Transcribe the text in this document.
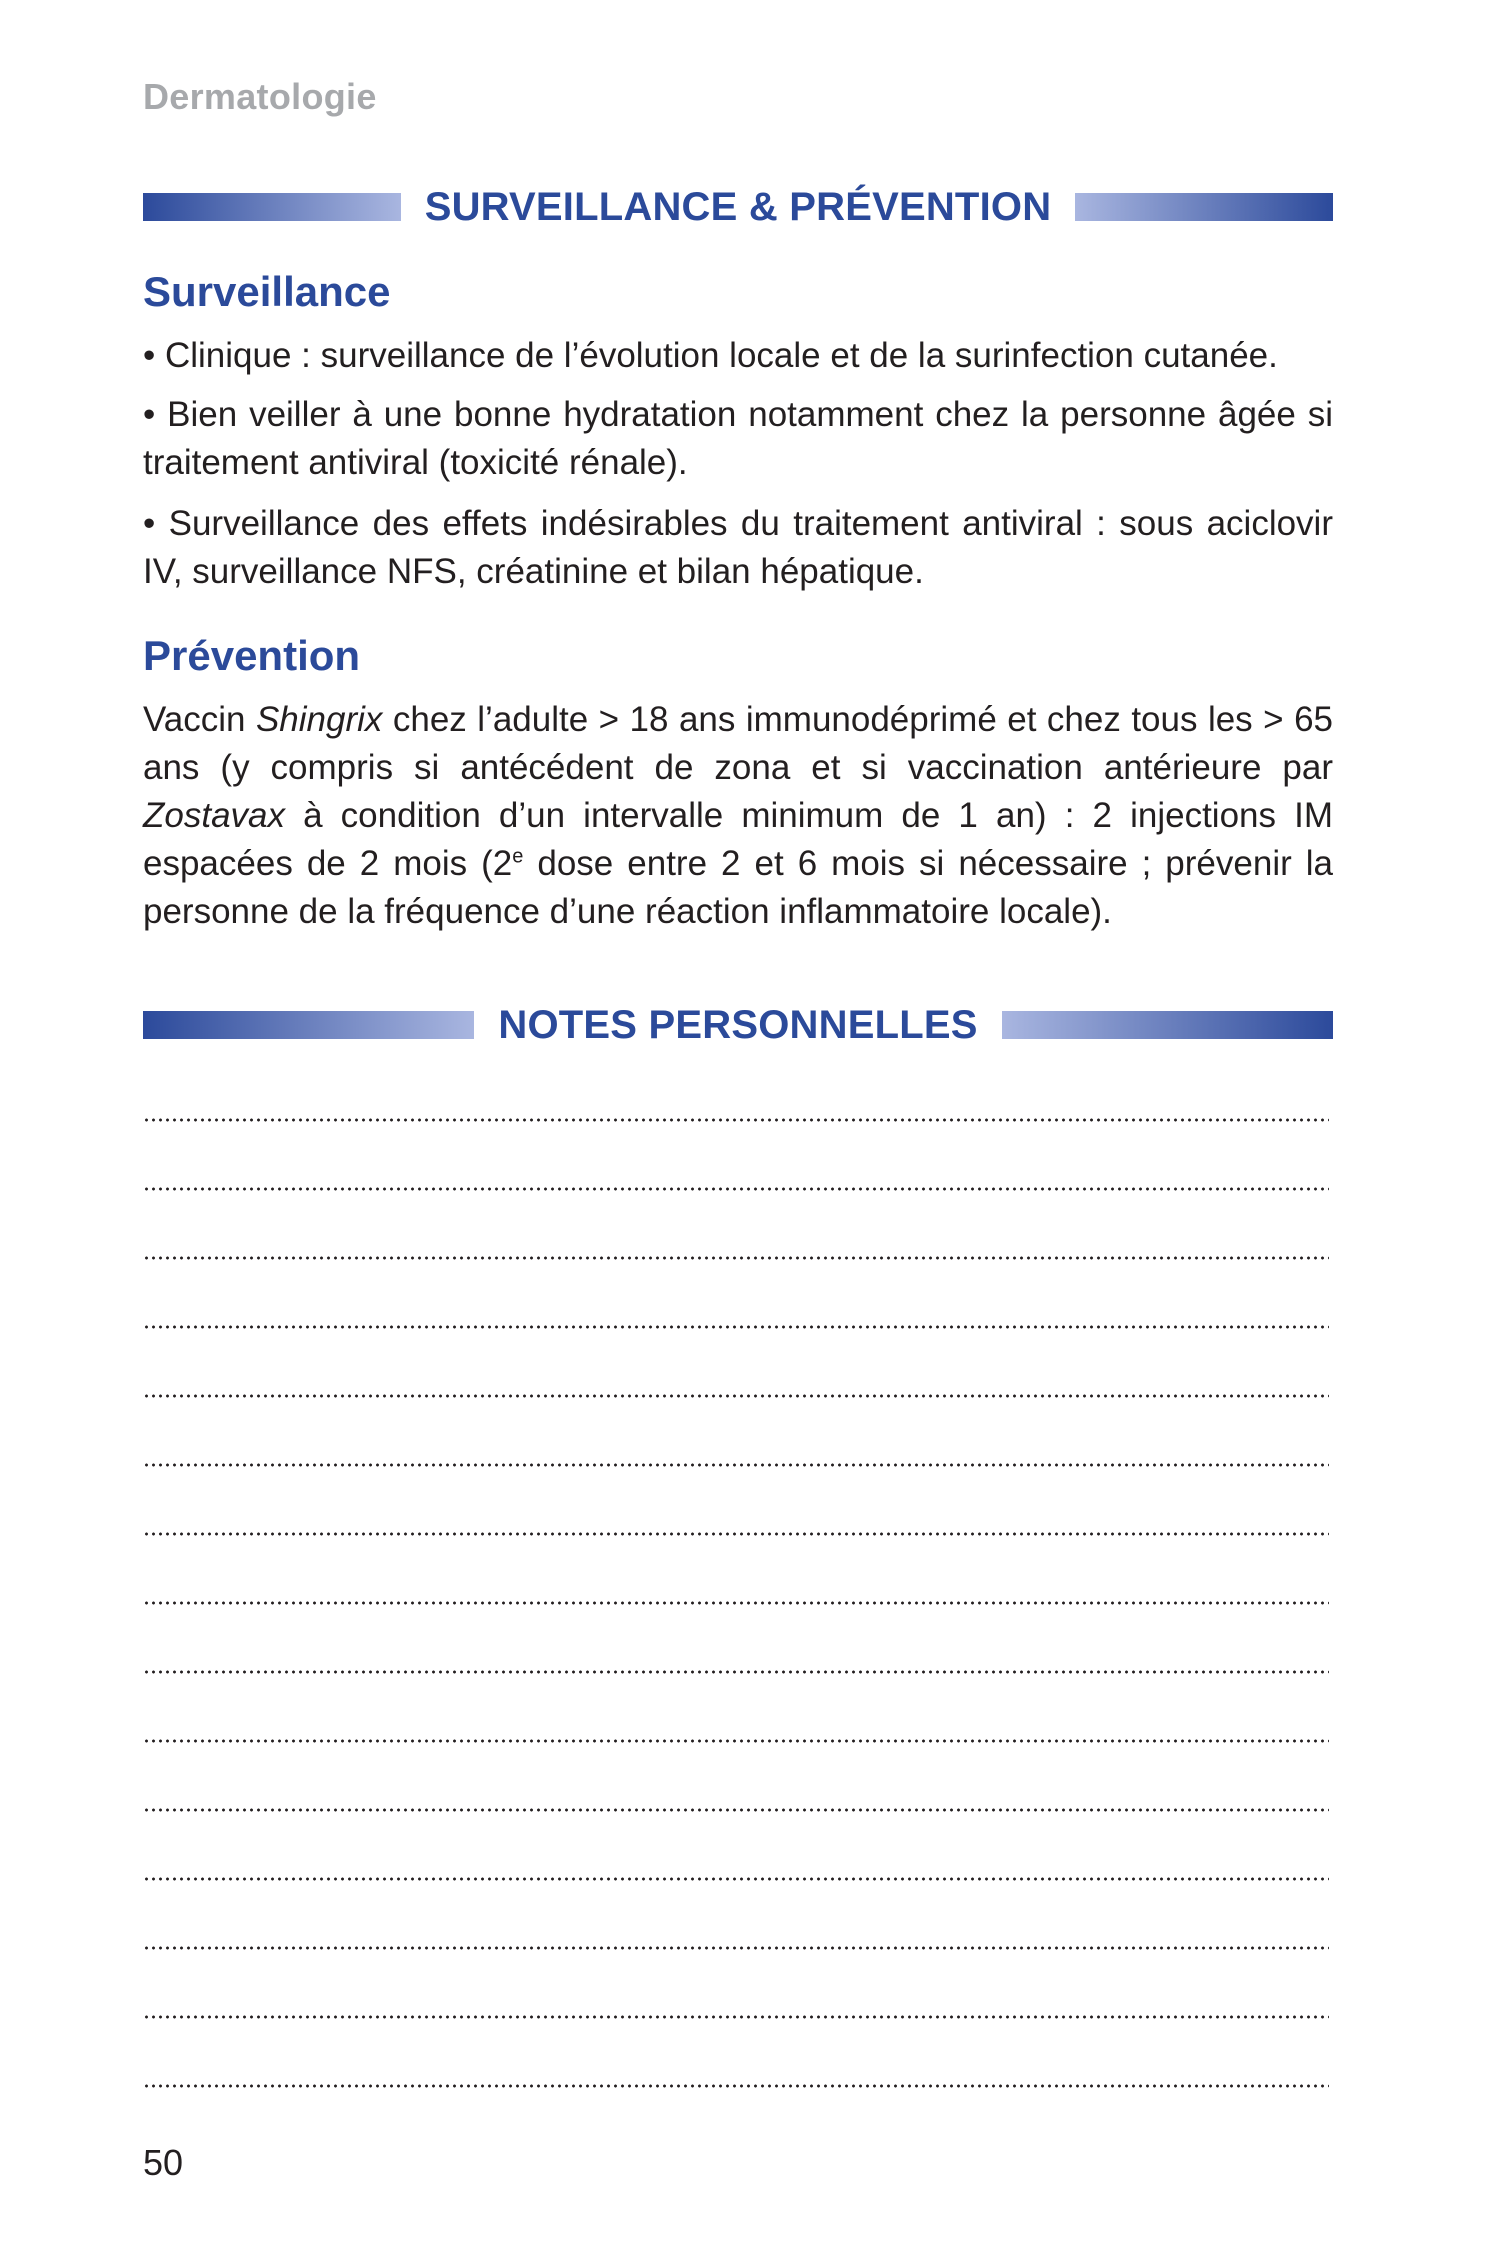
Dermatologie
SURVEILLANCE & PRÉVENTION
Surveillance
• Clinique : surveillance de l’évolution locale et de la surinfection cutanée.
• Bien veiller à une bonne hydratation notamment chez la personne âgée si traitement antiviral (toxicité rénale).
• Surveillance des effets indésirables du traitement antiviral : sous aciclovir IV, surveillance NFS, créatinine et bilan hépatique.
Prévention
Vaccin Shingrix chez l’adulte > 18 ans immunodéprimé et chez tous les > 65 ans (y compris si antécédent de zona et si vaccination antérieure par Zostavax à condition d’un intervalle minimum de 1 an) : 2 injections IM espacées de 2 mois (2e dose entre 2 et 6 mois si nécessaire ; prévenir la personne de la fréquence d’une réaction inflammatoire locale).
NOTES PERSONNELLES
50
